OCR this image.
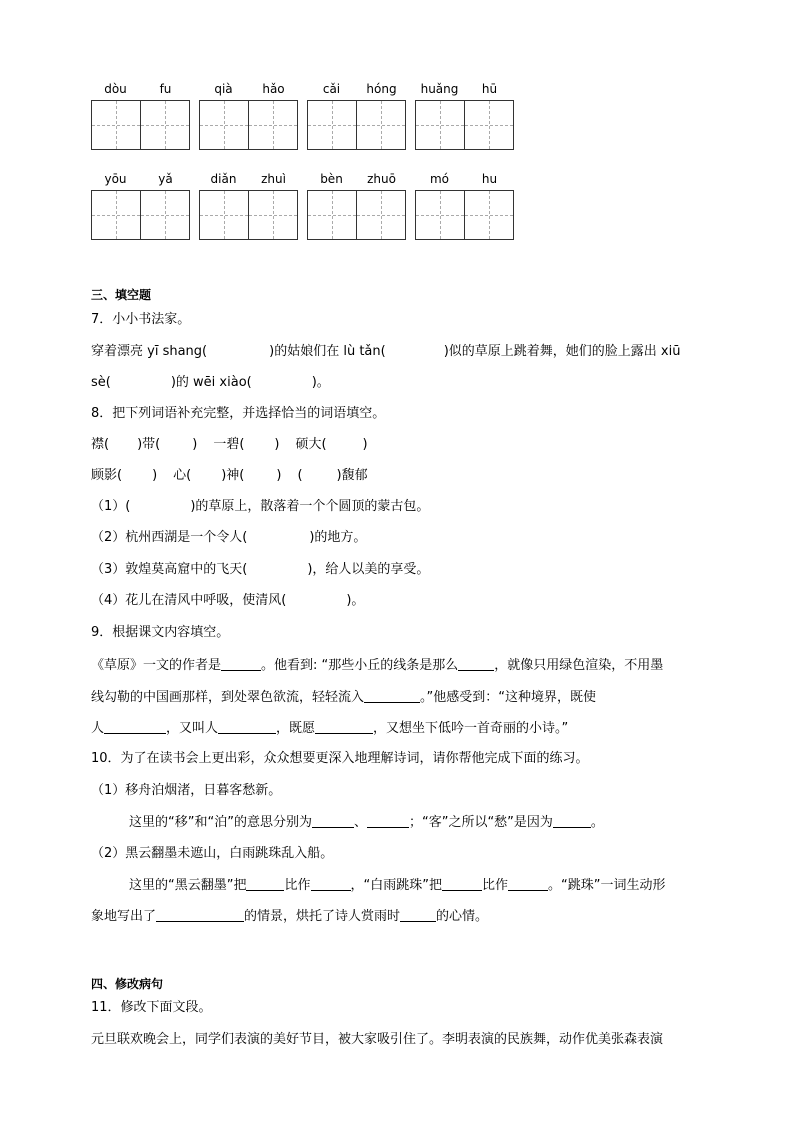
dòu	fu	qià	hǎo	cǎi	hóng	huǎng	hū
yōu	yǎ	diǎn	zhuì	bèn	zhuō	mó	hu
三、填空题
7．小小书法家。
穿着漂亮 yī shang(	)的姑娘们在 lù tǎn(	)似的草原上跳着舞，她们的脸上露出 xiū
sè(	)的 wēi xiào(	)。
8．把下列词语补充完整，并选择恰当的词语填空。
襟( )带( ) 一碧( ) 硕大(	)
顾影( ) 心( )神( ) (	)馥郁
（1）(	)的草原上，散落着一个个圆顶的蒙古包。
（2）杭州西湖是一个令人(	)的地方。
（3）敦煌莫高窟中的飞天(	)，给人以美的享受。
（4）花儿在清风中呼吸，使清风(	)。
9．根据课文内容填空。
《草原》一文的作者是	。他看到: “那些小丘的线条是那么	，就像只用绿色渲染，不用墨
线勾勒的中国画那样，到处翠色欲流，轻轻流入	。”他感受到：“这种境界，既使
人	，又叫人	，既愿	，又想坐下低吟一首奇丽的小诗。”
10．为了在读书会上更出彩，众众想要更深入地理解诗词，请你帮他完成下面的练习。
（1）移舟泊烟渚，日暮客愁新。
这里的“移”和“泊”的意思分别为	、	；“客”之所以“愁”是因为	。
（2）黑云翻墨未遮山，白雨跳珠乱入船。
这里的“黑云翻墨”把	比作	，“白雨跳珠”把	比作	。“跳珠”一词生动形
象地写出了	的情景，烘托了诗人赏雨时	的心情。
四、修改病句
11．修改下面文段。
元旦联欢晚会上，同学们表演的美好节目，被大家吸引住了。李明表演的民族舞，动作优美张森表演
